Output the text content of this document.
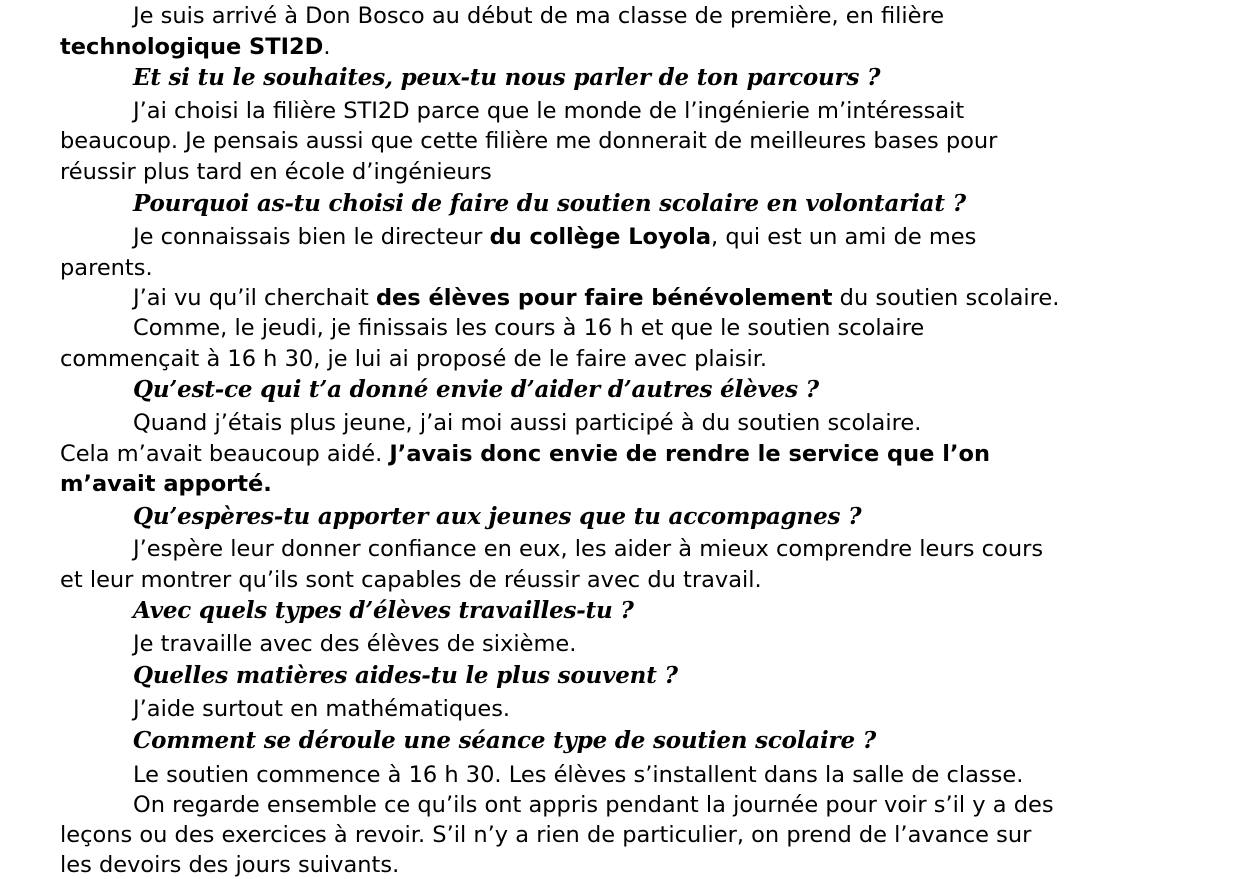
Je suis arrivé à Don Bosco au début de ma classe de première, en filière
technologique STI2D.
Et si tu le souhaites, peux-tu nous parler de ton parcours ?
J’ai choisi la filière STI2D parce que le monde de l’ingénierie m’intéressait
beaucoup. Je pensais aussi que cette filière me donnerait de meilleures bases pour
réussir plus tard en école d’ingénieurs
Pourquoi as-tu choisi de faire du soutien scolaire en volontariat ?
Je connaissais bien le directeur du collège Loyola, qui est un ami de mes
parents.
J’ai vu qu’il cherchait des élèves pour faire bénévolement du soutien scolaire.
Comme, le jeudi, je finissais les cours à 16 h et que le soutien scolaire
commençait à 16 h 30, je lui ai proposé de le faire avec plaisir.
Qu’est-ce qui t’a donné envie d’aider d’autres élèves ?
Quand j’étais plus jeune, j’ai moi aussi participé à du soutien scolaire.
Cela m’avait beaucoup aidé. J’avais donc envie de rendre le service que l’on
m’avait apporté.
Qu’espères-tu apporter aux jeunes que tu accompagnes ?
J’espère leur donner confiance en eux, les aider à mieux comprendre leurs cours
et leur montrer qu’ils sont capables de réussir avec du travail.
Avec quels types d’élèves travailles-tu ?
Je travaille avec des élèves de sixième.
Quelles matières aides-tu le plus souvent ?
J’aide surtout en mathématiques.
Comment se déroule une séance type de soutien scolaire ?
Le soutien commence à 16 h 30. Les élèves s’installent dans la salle de classe.
On regarde ensemble ce qu’ils ont appris pendant la journée pour voir s’il y a des
leçons ou des exercices à revoir. S’il n’y a rien de particulier, on prend de l’avance sur
les devoirs des jours suivants.
